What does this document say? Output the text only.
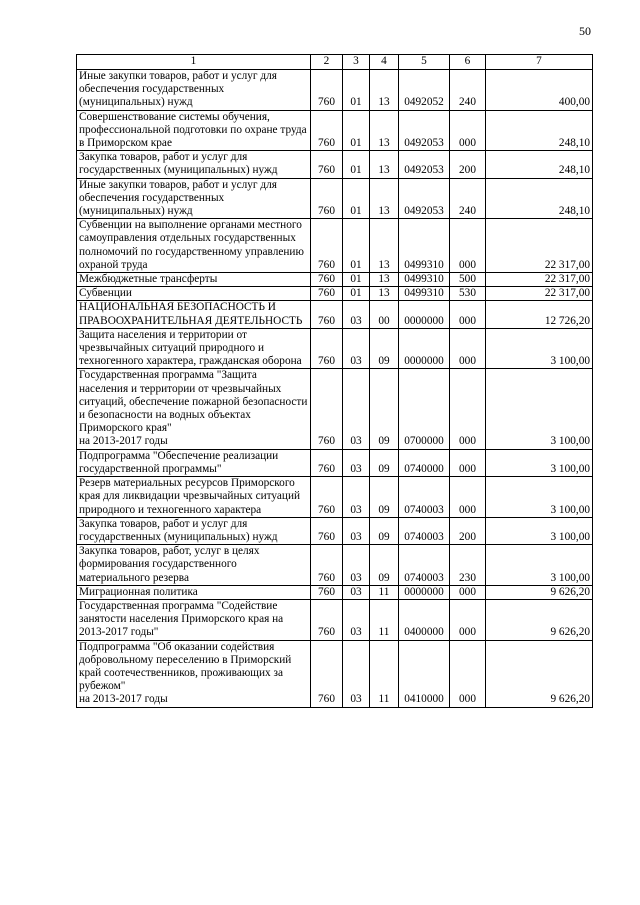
50
1	2	3	4	5	6	7
Иные закупки товаров, работ и услуг для обеспечения государственных (муниципальных) нужд	760	01	13	0492052	240	400,00
Совершенствование системы обучения, профессиональной подготовки по охране труда в Приморском крае	760	01	13	0492053	000	248,10
Закупка товаров, работ и услуг для государственных (муниципальных) нужд	760	01	13	0492053	200	248,10
Иные закупки товаров, работ и услуг для обеспечения государственных (муниципальных) нужд	760	01	13	0492053	240	248,10
Субвенции на выполнение органами местного самоуправления отдельных государственных полномочий по государственному управлению охраной труда	760	01	13	0499310	000	22 317,00
Межбюджетные трансферты	760	01	13	0499310	500	22 317,00
Субвенции	760	01	13	0499310	530	22 317,00
НАЦИОНАЛЬНАЯ БЕЗОПАСНОСТЬ И ПРАВООХРАНИТЕЛЬНАЯ ДЕЯТЕЛЬНОСТЬ	760	03	00	0000000	000	12 726,20
Защита населения и территории от чрезвычайных ситуаций природного и техногенного характера, гражданская оборона	760	03	09	0000000	000	3 100,00
Государственная программа "Защита населения и территории от чрезвычайных ситуаций, обеспечение пожарной безопасности и безопасности на водных объектах Приморского края"
на 2013-2017 годы	760	03	09	0700000	000	3 100,00
Подпрограмма "Обеспечение реализации государственной программы"	760	03	09	0740000	000	3 100,00
Резерв материальных ресурсов Приморского края для ликвидации чрезвычайных ситуаций природного и техногенного характера	760	03	09	0740003	000	3 100,00
Закупка товаров, работ и услуг для государственных (муниципальных) нужд	760	03	09	0740003	200	3 100,00
Закупка товаров, работ, услуг в целях формирования государственного материального резерва	760	03	09	0740003	230	3 100,00
Миграционная политика	760	03	11	0000000	000	9 626,20
Государственная программа "Содействие занятости населения Приморского края на 2013-2017 годы"	760	03	11	0400000	000	9 626,20
Подпрограмма "Об оказании содействия добровольному переселению в Приморский край соотечественников, проживающих за рубежом"
на 2013-2017 годы	760	03	11	0410000	000	9 626,20
